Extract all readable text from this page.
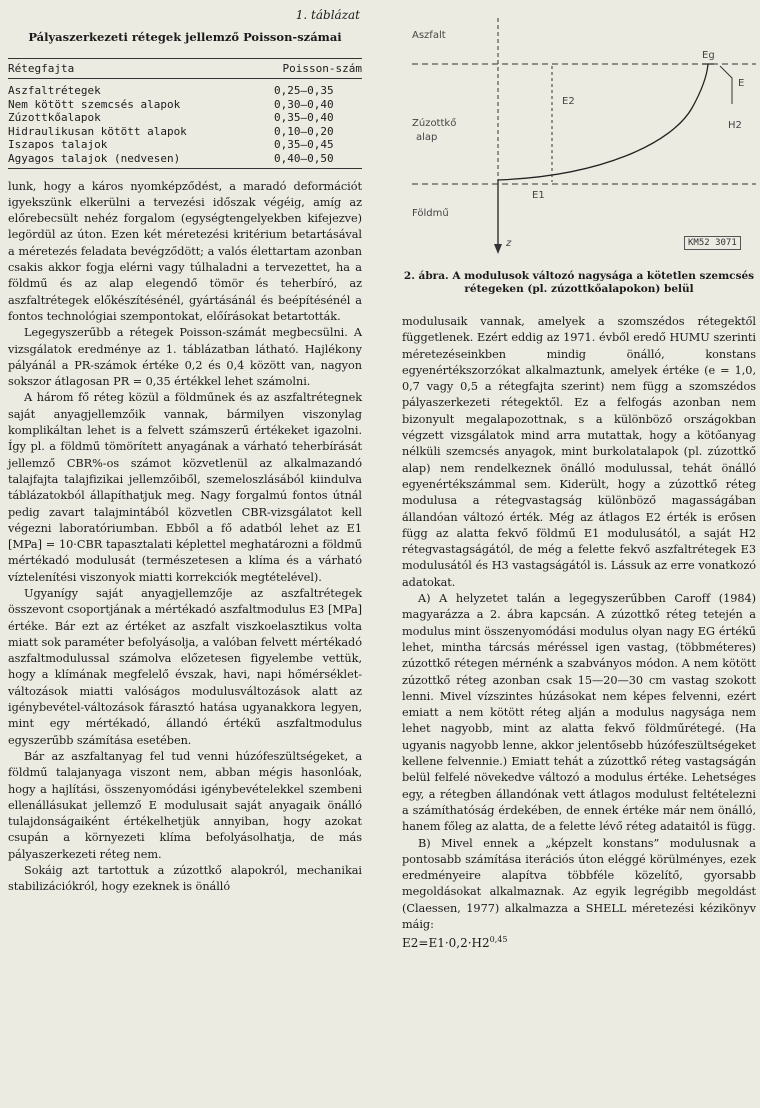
1. táblázat
Pályaszerkezeti rétegek jellemző Poisson-számai
Rétegfajta	Poisson-szám
Aszfaltrétegek	0,25—0,35
Nem kötött szemcsés alapok	0,30—0,40
Zúzottkőalapok	0,35—0,40
Hidraulikusan kötött alapok	0,10—0,20
Iszapos talajok	0,35—0,45
Agyagos talajok (nedvesen)	0,40—0,50

lunk, hogy a káros nyomképződést, a maradó deformációt igyekszünk elkerülni a tervezési időszak végéig, amíg az előrebecsült nehéz forgalom (egységtengelyekben kifejezve) legördül az úton. Ezen két méretezési kritérium betartásával a méretezés feladata bevégződött; a valós élettartam azonban csakis akkor fogja elérni vagy túlhaladni a tervezettet, ha a földmű és az alap elegendő tömör és teherbíró, az aszfaltrétegek előkészítésénél, gyártásánál és beépítésénél a fontos technológiai szempontokat, előírásokat betartották.

Legegyszerűbb a rétegek Poisson-számát megbecsülni. A vizsgálatok eredménye az 1. táblázatban látható. Hajlékony pályánál a PR-számok értéke 0,2 és 0,4 között van, nagyon sokszor átlagosan PR = 0,35 értékkel lehet számolni.

A három fő réteg közül a földműnek és az aszfaltrétegnek saját anyagjellemzőik vannak, bármilyen viszonylag komplikáltan lehet is a felvett számszerű értékeket igazolni. Így pl. a földmű tömörített anyagának a várható teherbírását jellemző CBR%-os számot közvetlenül az alkalmazandó talajfajta talajfizikai jellemzőiből, szemeloszlásából kiindulva táblázatokból állapíthatjuk meg. Nagy forgalmú fontos útnál pedig zavart talajmintából közvetlen CBR-vizsgálatot kell végezni laboratóriumban. Ebből a fő adatból lehet az E1 [MPa] = 10·CBR tapasztalati képlettel meghatározni a földmű mértékadó modulusát (természetesen a klíma és a várható víztelenítési viszonyok miatti korrekciók megtételével).

Ugyanígy saját anyagjellemzője az aszfaltrétegek összevont csoportjának a mértékadó aszfaltmodulus E3 [MPa] értéke. Bár ezt az értéket az aszfalt viszkoelasztikus volta miatt sok paraméter befolyásolja, a valóban felvett mértékadó aszfaltmodulussal számolva előzetesen figyelembe vettük, hogy a klímának megfelelő évszak, havi, napi hőmérséklet-változások miatti valóságos modulusváltozások alatt az igénybevétel-változások fárasztó hatása ugyanakkora legyen, mint egy mértékadó, állandó értékű aszfaltmodulus egyszerűbb számítása esetében.

Bár az aszfaltanyag fel tud venni húzófeszültségeket, a földmű talajanyaga viszont nem, abban mégis hasonlóak, hogy a hajlítási, összenyomódási igénybevételekkel szembeni ellenállásukat jellemző E modulusait saját anyagaik önálló tulajdonságaiként értékelhetjük annyiban, hogy azokat csupán a környezeti klíma befolyásolhatja, de más pályaszerkezeti réteg nem.

Sokáig azt tartottuk a zúzottkő alapokról, mechanikai stabilizációkról, hogy ezeknek is önálló

Aszfalt
Zúzottkő
alap
Földmű
Eg
E
E2
H2
E1
z	KM52 3071

2. ábra. A modulusok változó nagysága a kötetlen szemcsés rétegeken (pl. zúzottkőalapokon) belül

modulusaik vannak, amelyek a szomszédos rétegektől függetlenek. Ezért eddig az 1971. évből eredő HUMU szerinti méretezéseinkben mindig önálló, konstans egyenértékszorzókat alkalmaztunk, amelyek értéke (e = 1,0, 0,7 vagy 0,5 a rétegfajta szerint) nem függ a szomszédos pályaszerkezeti rétegektől. Ez a felfogás azonban nem bizonyult megalapozottnak, s a különböző országokban végzett vizsgálatok mind arra mutattak, hogy a kötőanyag nélküli szemcsés anyagok, mint burkolatalapok (pl. zúzottkő alap) nem rendelkeznek önálló modulussal, tehát önálló egyenértékszámmal sem. Kiderült, hogy a zúzottkő réteg modulusa a rétegvastagság különböző magasságában állandóan változó érték. Még az átlagos E2 érték is erősen függ az alatta fekvő földmű E1 modulusától, a saját H2 rétegvastagságától, de még a felette fekvő aszfaltrétegek E3 modulusától és H3 vastagságától is. Lássuk az erre vonatkozó adatokat.

A) A helyzetet talán a legegyszerűbben Caroff (1984) magyarázza a 2. ábra kapcsán. A zúzottkő réteg tetején a modulus mint összenyomódási modulus olyan nagy EG értékű lehet, mintha tárcsás méréssel igen vastag, (többméteres) zúzottkő rétegen mérnénk a szabványos módon. A nem kötött zúzottkő réteg azonban csak 15—20—30 cm vastag szokott lenni. Mivel vízszintes húzásokat nem képes felvenni, ezért emiatt a nem kötött réteg alján a modulus nagysága nem lehet nagyobb, mint az alatta fekvő földműrétegé. (Ha ugyanis nagyobb lenne, akkor jelentősebb húzófeszültségeket kellene felvennie.) Emiatt tehát a zúzottkő réteg vastagságán belül felfelé növekedve változó a modulus értéke. Lehetséges egy, a rétegben állandónak vett átlagos modulust feltételezni a számíthatóság érdekében, de ennek értéke már nem önálló, hanem főleg az alatta, de a felette lévő réteg adataitól is függ.

B) Mivel ennek a „képzelt konstans” modulusnak a pontosabb számítása iterációs úton eléggé körülményes, ezek eredményeire alapítva többféle közelítő, gyorsabb megoldásokat alkalmaznak. Az egyik legrégibb megoldást (Claessen, 1977) alkalmazza a SHELL méretezési kézikönyv máig:

$E2=E1\cdot 0,2\cdot H2^{0,45}$
